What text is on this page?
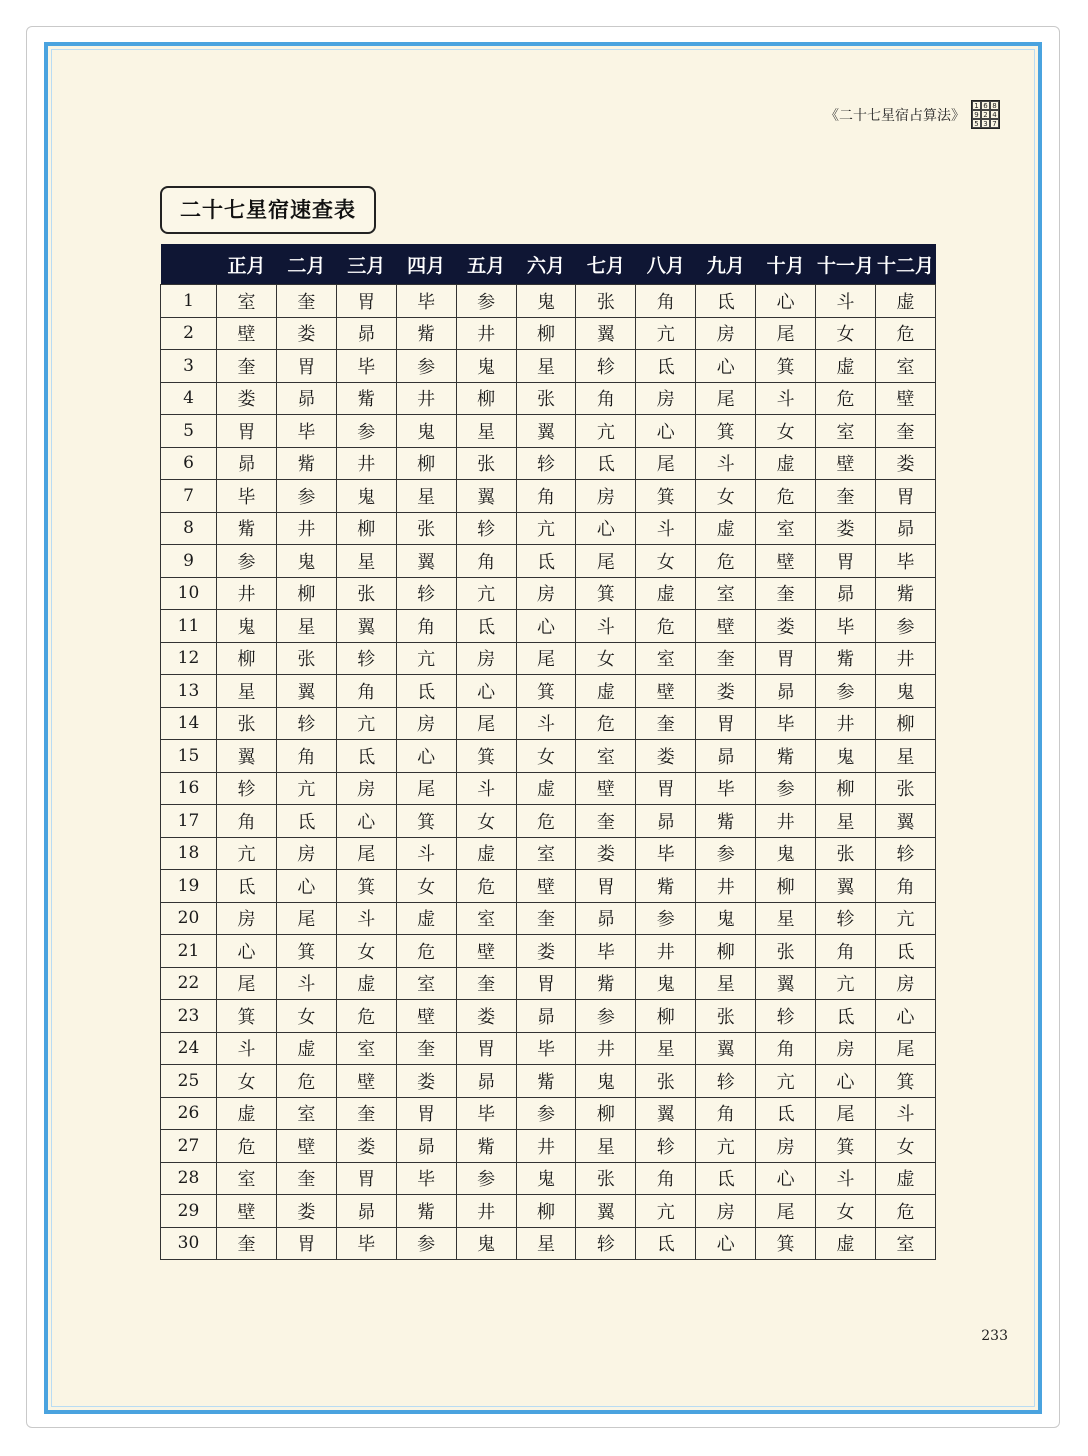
《二十七星宿占算法》
1 6 8
9 2 4
5 3 7
二十七星宿速查表
	正月	二月	三月	四月	五月	六月	七月	八月	九月	十月	十一月	十二月
1	室	奎	胃	毕	参	鬼	张	角	氐	心	斗	虚
2	壁	娄	昴	觜	井	柳	翼	亢	房	尾	女	危
3	奎	胃	毕	参	鬼	星	轸	氐	心	箕	虚	室
4	娄	昴	觜	井	柳	张	角	房	尾	斗	危	壁
5	胃	毕	参	鬼	星	翼	亢	心	箕	女	室	奎
6	昴	觜	井	柳	张	轸	氐	尾	斗	虚	壁	娄
7	毕	参	鬼	星	翼	角	房	箕	女	危	奎	胃
8	觜	井	柳	张	轸	亢	心	斗	虚	室	娄	昴
9	参	鬼	星	翼	角	氐	尾	女	危	壁	胃	毕
10	井	柳	张	轸	亢	房	箕	虚	室	奎	昴	觜
11	鬼	星	翼	角	氐	心	斗	危	壁	娄	毕	参
12	柳	张	轸	亢	房	尾	女	室	奎	胃	觜	井
13	星	翼	角	氐	心	箕	虚	壁	娄	昴	参	鬼
14	张	轸	亢	房	尾	斗	危	奎	胃	毕	井	柳
15	翼	角	氐	心	箕	女	室	娄	昴	觜	鬼	星
16	轸	亢	房	尾	斗	虚	壁	胃	毕	参	柳	张
17	角	氐	心	箕	女	危	奎	昴	觜	井	星	翼
18	亢	房	尾	斗	虚	室	娄	毕	参	鬼	张	轸
19	氐	心	箕	女	危	壁	胃	觜	井	柳	翼	角
20	房	尾	斗	虚	室	奎	昴	参	鬼	星	轸	亢
21	心	箕	女	危	壁	娄	毕	井	柳	张	角	氐
22	尾	斗	虚	室	奎	胃	觜	鬼	星	翼	亢	房
23	箕	女	危	壁	娄	昴	参	柳	张	轸	氐	心
24	斗	虚	室	奎	胃	毕	井	星	翼	角	房	尾
25	女	危	壁	娄	昴	觜	鬼	张	轸	亢	心	箕
26	虚	室	奎	胃	毕	参	柳	翼	角	氐	尾	斗
27	危	壁	娄	昴	觜	井	星	轸	亢	房	箕	女
28	室	奎	胃	毕	参	鬼	张	角	氐	心	斗	虚
29	壁	娄	昴	觜	井	柳	翼	亢	房	尾	女	危
30	奎	胃	毕	参	鬼	星	轸	氐	心	箕	虚	室
233
